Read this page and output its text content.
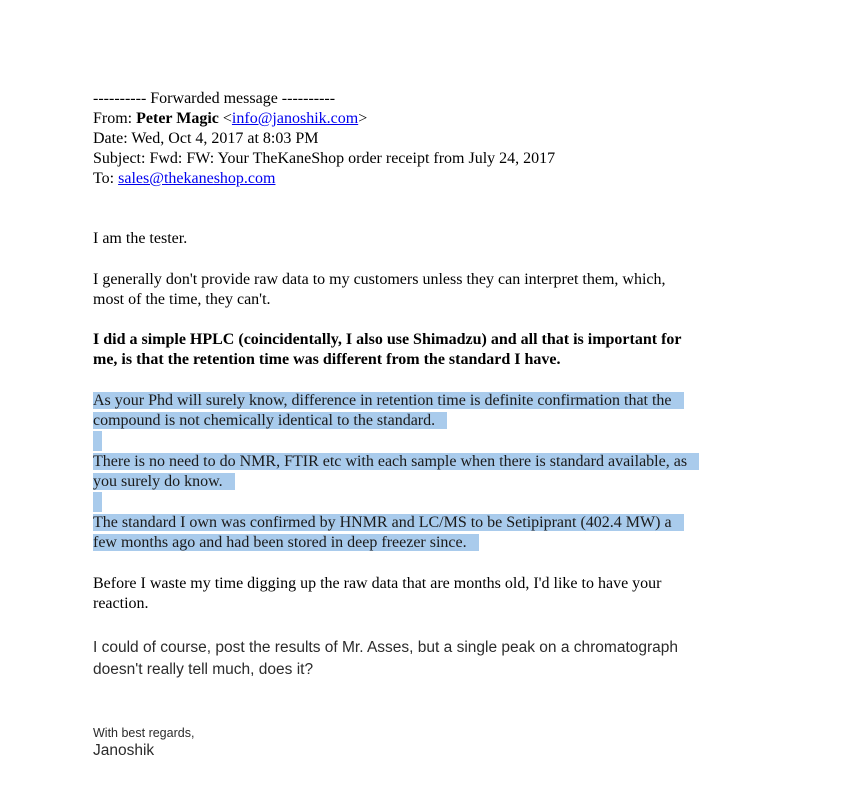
---------- Forwarded message ----------
From: Peter Magic <info@janoshik.com>
Date: Wed, Oct 4, 2017 at 8:03 PM
Subject: Fwd: FW: Your TheKaneShop order receipt from July 24, 2017
To: sales@thekaneshop.com
I am the tester.
I generally don't provide raw data to my customers unless they can interpret them, which,
most of the time, they can't.
I did a simple HPLC (coincidentally, I also use Shimadzu) and all that is important for
me, is that the retention time was different from the standard I have.
As your Phd will surely know, difference in retention time is definite confirmation that the
compound is not chemically identical to the standard.
There is no need to do NMR, FTIR etc with each sample when there is standard available, as
you surely do know.
The standard I own was confirmed by HNMR and LC/MS to be Setipiprant (402.4 MW) a
few months ago and had been stored in deep freezer since.
Before I waste my time digging up the raw data that are months old, I'd like to have your
reaction.
I could of course, post the results of Mr. Asses, but a single peak on a chromatograph
doesn't really tell much, does it?
With best regards,
Janoshik
